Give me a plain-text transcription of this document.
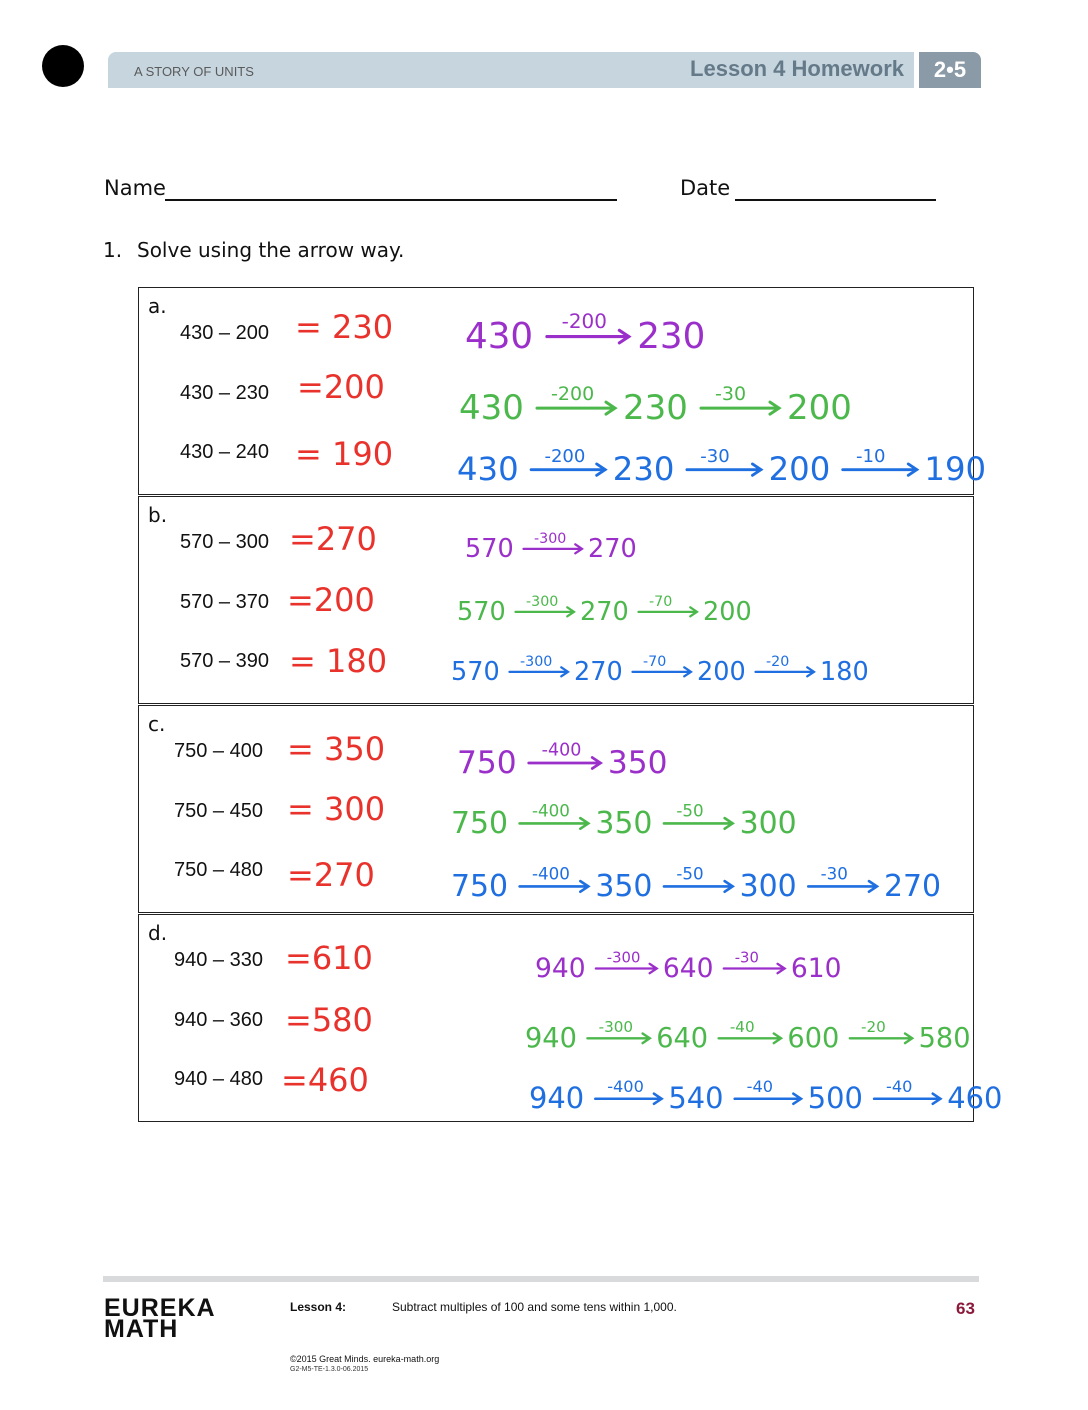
A STORY OF UNITS	Lesson 4 Homework	2•5
Name	Date
1. Solve using the arrow way.
a.
430 – 200 = 230
430 – 230 =200
430 – 240 = 190
430 -200 230
430 -200 230 -30 200
430 -200 230 -30 200 -10 190
b.
570 – 300 =270
570 – 370 =200
570 – 390 = 180
570 -300 270
570 -300 270 -70 200
570 -300 270 -70 200 -20 180
c.
750 – 400 = 350
750 – 450 = 300
750 – 480 =270
750 -400 350
750 -400 350 -50 300
750 -400 350 -50 300 -30 270
d.
940 – 330 =610
940 – 360 =580
940 – 480 =460
940 -300 640 -30 610
940 -300 640 -40 600 -20 580
940 -400 540 -40 500 -40 460
EUREKA
MATH
Lesson 4:	Subtract multiples of 100 and some tens within 1,000.	63
©2015 Great Minds. eureka-math.org
G2-M5-TE-1.3.0-06.2015
